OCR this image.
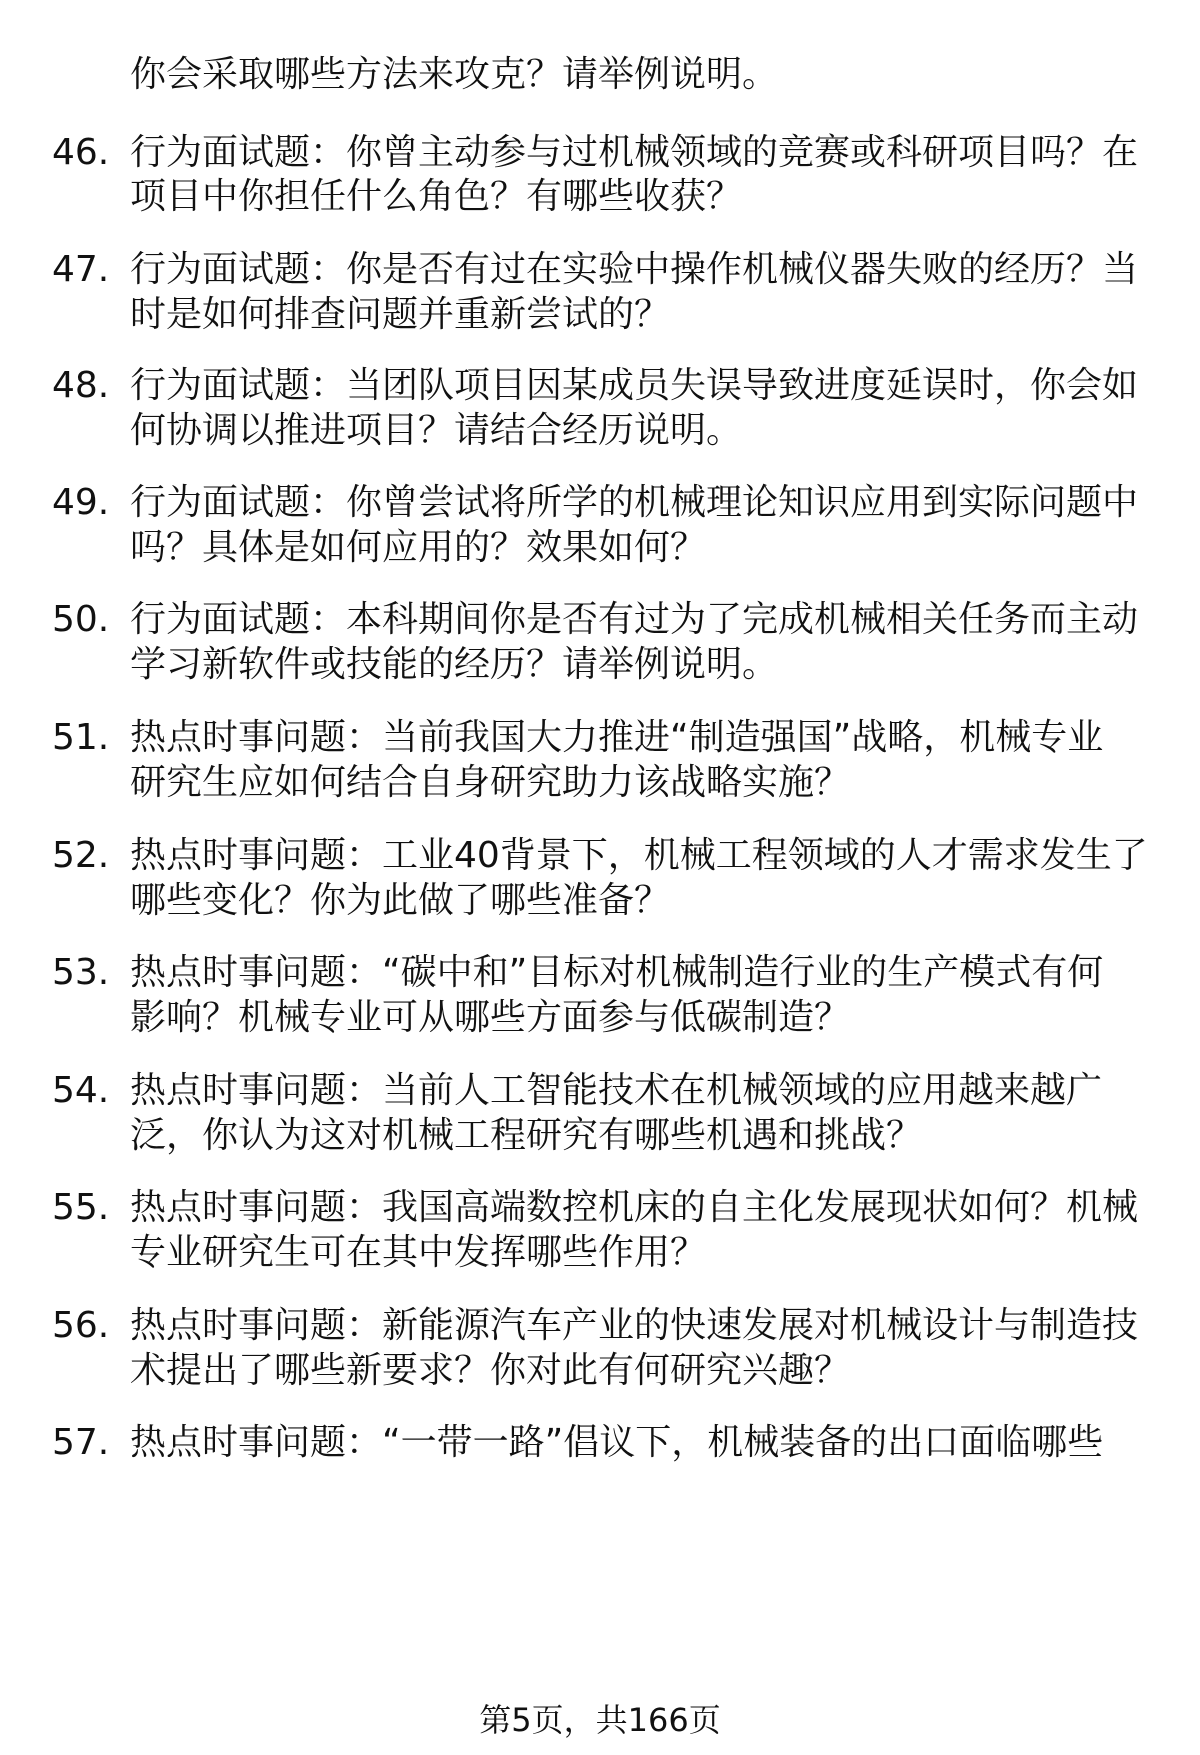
你会采取哪些方法来攻克？请举例说明。
46. 行为面试题：你曾主动参与过机械领域的竞赛或科研项目吗？在
项目中你担任什么角色？有哪些收获？
47. 行为面试题：你是否有过在实验中操作机械仪器失败的经历？当
时是如何排查问题并重新尝试的？
48. 行为面试题：当团队项目因某成员失误导致进度延误时，你会如
何协调以推进项目？请结合经历说明。
49. 行为面试题：你曾尝试将所学的机械理论知识应用到实际问题中
吗？具体是如何应用的？效果如何？
50. 行为面试题：本科期间你是否有过为了完成机械相关任务而主动
学习新软件或技能的经历？请举例说明。
51. 热点时事问题：当前我国大力推进“制造强国”战略，机械专业
研究生应如何结合自身研究助力该战略实施？
52. 热点时事问题：工业40背景下，机械工程领域的人才需求发生了
哪些变化？你为此做了哪些准备？
53. 热点时事问题：“碳中和”目标对机械制造行业的生产模式有何
影响？机械专业可从哪些方面参与低碳制造？
54. 热点时事问题：当前人工智能技术在机械领域的应用越来越广
泛，你认为这对机械工程研究有哪些机遇和挑战？
55. 热点时事问题：我国高端数控机床的自主化发展现状如何？机械
专业研究生可在其中发挥哪些作用？
56. 热点时事问题：新能源汽车产业的快速发展对机械设计与制造技
术提出了哪些新要求？你对此有何研究兴趣？
57. 热点时事问题：“一带一路”倡议下，机械装备的出口面临哪些
第5页，共166页
